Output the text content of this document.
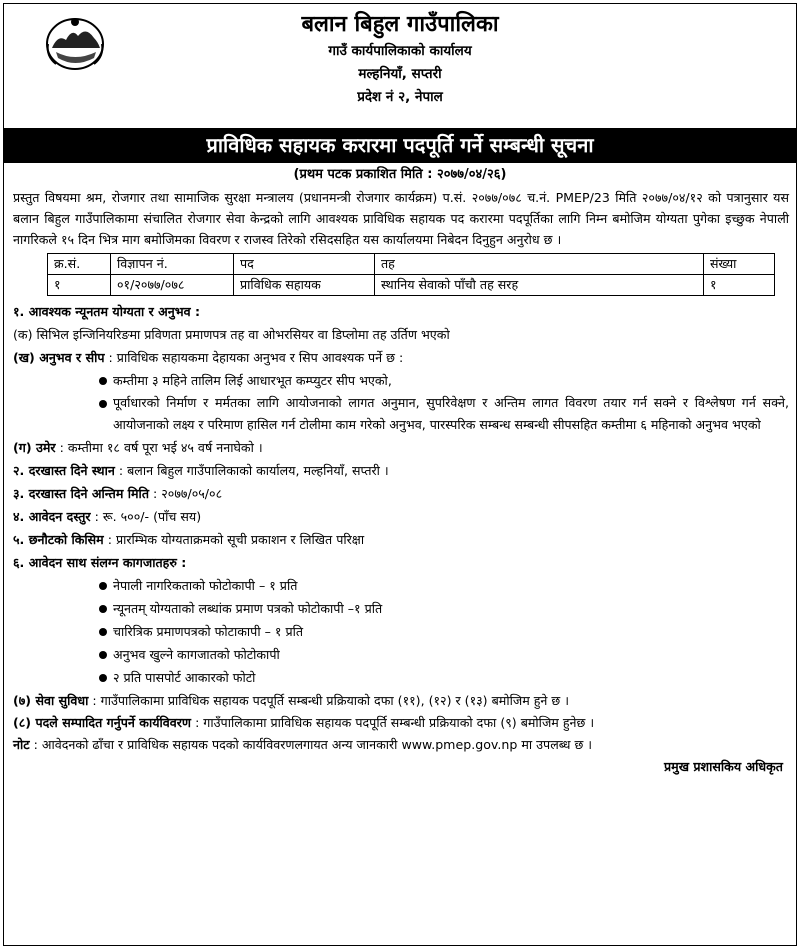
बलान बिहुल गाउँपालिका
गाउँ कार्यपालिकाको कार्यालय
मल्हनियाँ, सप्तरी
प्रदेश नं २, नेपाल
प्राविधिक सहायक करारमा पदपूर्ति गर्ने सम्बन्धी सूचना
(प्रथम पटक प्रकाशित मिति : २०७७/०४/२६)

प्रस्तुत विषयमा श्रम, रोजगार तथा सामाजिक सुरक्षा मन्त्रालय (प्रधानमन्त्री रोजगार कार्यक्रम) प.सं. २०७७/०७८ च.नं. PMEP/23 मिति २०७७/०४/१२ को पत्रानुसार यस बलान बिहुल गाउँपालिकामा संचालित रोजगार सेवा केन्द्रको लागि आवश्यक प्राविधिक सहायक पद करारमा पदपूर्तिका लागि निम्न बमोजिम योग्यता पुगेका इच्छुक नेपाली नागरिकले १५ दिन भित्र माग बमोजिमका विवरण र राजस्व तिरेको रसिदसहित यस कार्यालयमा निबेदन दिनुहुन अनुरोध छ ।

क्र.सं.	विज्ञापन नं.	पद	तह	संख्या
१	०१/२०७७/०७८	प्राविधिक सहायक	स्थानिय सेवाको पाँचौ तह सरह	१
१. आवश्यक न्यूनतम योग्यता र अनुभव :
(क) सिभिल इन्जिनियरिङमा प्रविणता प्रमाणपत्र तह वा ओभरसियर वा डिप्लोमा तह उर्तिण भएको
(ख) अनुभव र सीप : प्राविधिक सहायकमा देहायका अनुभव र सिप आवश्यक पर्ने छ :
कम्तीमा ३ महिने तालिम लिई आधारभूत कम्प्युटर सीप भएको,
पूर्वाधारको निर्माण र मर्मतका लागि आयोजनाको लागत अनुमान, सुपरिवेक्षण र अन्तिम लागत विवरण तयार गर्न सक्ने र विश्लेषण गर्न सक्ने, आयोजनाको लक्ष्य र परिमाण हासिल गर्न टोलीमा काम गरेको अनुभव, पारस्परिक सम्बन्ध सम्बन्धी सीपसहित कम्तीमा ६ महिनाको अनुभव भएको
(ग) उमेर : कम्तीमा १८ वर्ष पूरा भई ४५ वर्ष ननाघेको ।
२. दरखास्त दिने स्थान : बलान बिहुल गाउँपालिकाको कार्यालय, मल्हनियाँ, सप्तरी ।
३. दरखास्त दिने अन्तिम मिति : २०७७/०५/०८
४. आवेदन दस्तुर : रू. ५००/- (पाँच सय)
५. छनौटको किसिम : प्रारम्भिक योग्यताक्रमको सूची प्रकाशन र लिखित परिक्षा
६. आवेदन साथ संलग्न कागजातहरु :
नेपाली नागरिकताको फोटोकापी – १ प्रति
न्यूनतम् योग्यताको लब्धांक प्रमाण पत्रको फोटोकापी –१ प्रति
चारित्रिक प्रमाणपत्रको फोटाकापी – १ प्रति
अनुभव खुल्ने कागजातको फोटोकापी
२ प्रति पासपोर्ट आकारको फोटो
(७) सेवा सुविधा : गाउँपालिकामा प्राविधिक सहायक पदपूर्ति सम्बन्धी प्रक्रियाको दफा (११), (१२) र (१३) बमोजिम हुने छ ।
(८) पदले सम्पादित गर्नुपर्ने कार्यविवरण : गाउँपालिकामा प्राविधिक सहायक पदपूर्ति सम्बन्धी प्रक्रियाको दफा (९) बमोजिम हुनेछ ।
नोट : आवेदनको ढाँचा र प्राविधिक सहायक पदको कार्यविवरणलगायत अन्य जानकारी www.pmep.gov.np मा उपलब्ध छ ।
प्रमुख प्रशासकिय अधिकृत
